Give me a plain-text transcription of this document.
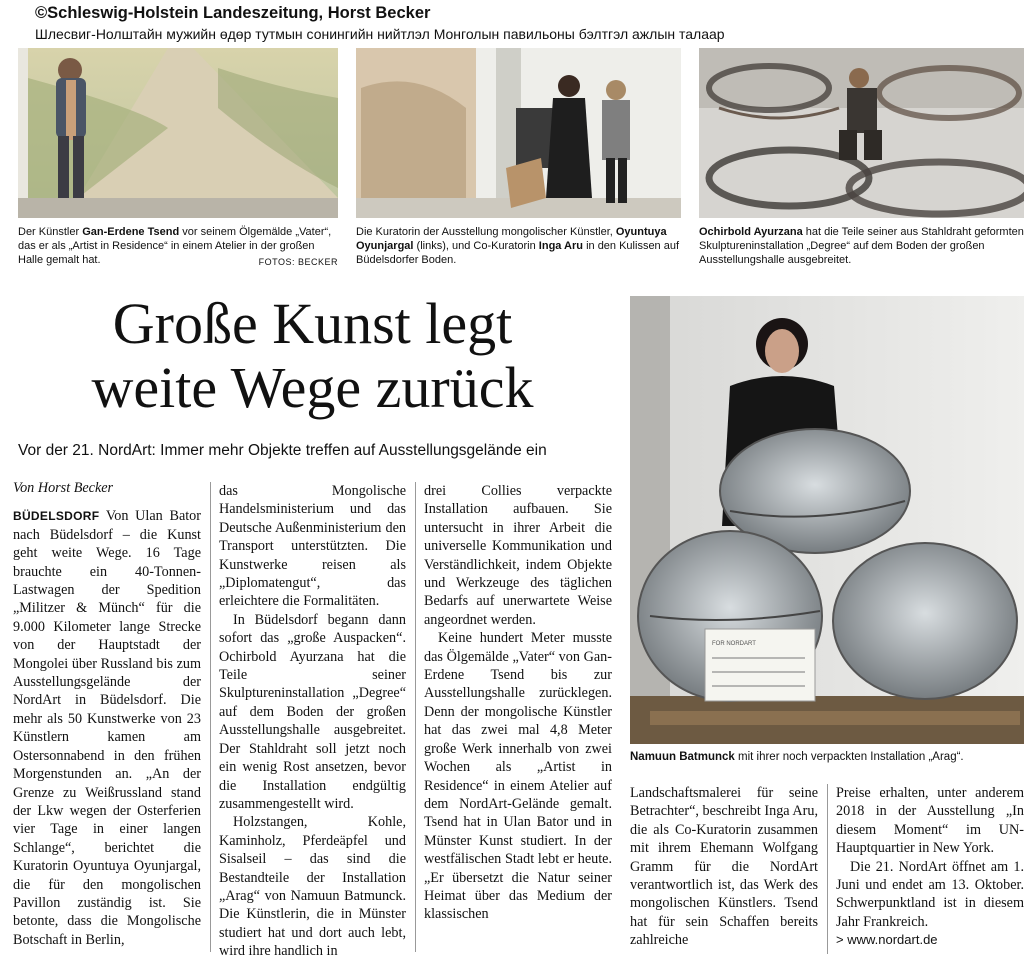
©Schleswig-Holstein Landeszeitung, Horst Becker
Шлесвиг-Нолштайн мужийн өдөр тутмын сонингийн нийтлэл Монголын павильоны бэлтгэл ажлын талаар
Der Künstler Gan-Erdene Tsend vor seinem Ölgemälde „Vater“, das er als „Artist in Residence“ in einem Atelier in der großen Halle gemalt hat.	FOTOS: BECKER
Die Kuratorin der Ausstellung mongolischer Künstler, Oyuntuya Oyunjargal (links), und Co-Kuratorin Inga Aru in den Kulissen auf Büdelsdorfer Boden.
Ochirbold Ayurzana hat die Teile seiner aus Stahldraht geformten Skulptureninstallation „Degree“ auf dem Boden der großen Ausstellungshalle ausgebreitet.
Große Kunst legt
weite Wege zurück
Vor der 21. NordArt: Immer mehr Objekte treffen auf Ausstellungsgelände ein

Von Horst Becker

BÜDELSDORF Von Ulan Bator nach Büdelsdorf – die Kunst geht weite Wege. 16 Tage brauchte ein 40-Tonnen-Lastwagen der Spedition „Militzer & Münch“ für die 9.000 Kilometer lange Strecke von der Hauptstadt der Mongolei über Russland bis zum Ausstellungsgelände der NordArt in Büdelsdorf. Die mehr als 50 Kunstwerke von 23 Künstlern kamen am Ostersonnabend in den frühen Morgenstunden an. „An der Grenze zu Weißrussland stand der Lkw wegen der Osterferien vier Tage in einer langen Schlange“, berichtet die Kuratorin Oyuntuya Oyunjargal, die für den mongolischen Pavillon zuständig ist. Sie betonte, dass die Mongolische Botschaft in Berlin,

das Mongolische Handelsministerium und das Deutsche Außenministerium den Transport unterstützten. Die Kunstwerke reisen als „Diplomatengut“, das erleichtere die Formalitäten.

In Büdelsdorf begann dann sofort das „große Auspacken“. Ochirbold Ayurzana hat die Teile seiner Skulptureninstallation „Degree“ auf dem Boden der großen Ausstellungshalle ausgebreitet. Der Stahldraht soll jetzt noch ein wenig Rost ansetzen, bevor die Installation endgültig zusammengestellt wird.

Holzstangen, Kohle, Kaminholz, Pferdeäpfel und Sisalseil – das sind die Bestandteile der Installation „Arag“ von Namuun Batmunck. Die Künstlerin, die in Münster studiert hat und dort auch lebt, wird ihre handlich in

drei Collies verpackte Installation aufbauen. Sie untersucht in ihrer Arbeit die universelle Kommunikation und Verständlichkeit, indem Objekte und Werkzeuge des täglichen Bedarfs auf unerwartete Weise angeordnet werden.

Keine hundert Meter musste das Ölgemälde „Vater“ von Gan-Erdene Tsend bis zur Ausstellungshalle zurücklegen. Denn der mongolische Künstler hat das zwei mal 4,8 Meter große Werk innerhalb von zwei Wochen als „Artist in Residence“ in einem Atelier auf dem NordArt-Gelände gemalt. Tsend hat in Ulan Bator und in Münster Kunst studiert. In der westfälischen Stadt lebt er heute. „Er übersetzt die Natur seiner Heimat über das Medium der klassischen

FOR NORDART
Namuun Batmunck mit ihrer noch verpackten Installation „Arag“.

Landschaftsmalerei für seine Betrachter“, beschreibt Inga Aru, die als Co-Kuratorin zusammen mit ihrem Ehemann Wolfgang Gramm für die NordArt verantwortlich ist, das Werk des mongolischen Künstlers. Tsend hat für sein Schaffen bereits zahlreiche

Preise erhalten, unter anderem 2018 in der Ausstellung „In diesem Moment“ im UN-Hauptquartier in New York.

Die 21. NordArt öffnet am 1. Juni und endet am 13. Oktober. Schwerpunktland ist in diesem Jahr Frankreich.

> www.nordart.de
